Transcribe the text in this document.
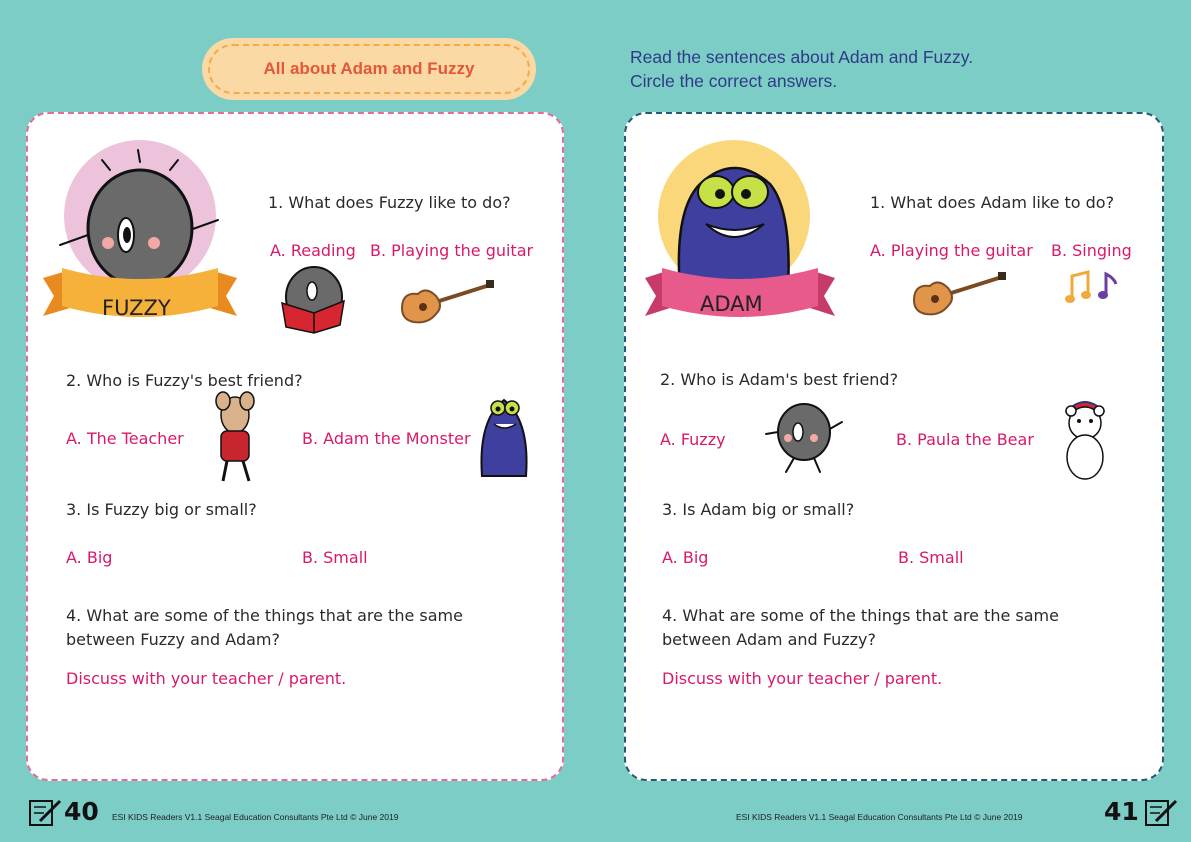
All about Adam and Fuzzy
FUZZY
1. What does Fuzzy like to do?
A. Reading B. Playing the guitar
2. Who is Fuzzy's best friend?
A. The Teacher	B. Adam the Monster
3. Is Fuzzy big or small?
A. Big	B. Small
4. What are some of the things that are the same between Fuzzy and Adam?
Discuss with your teacher / parent.
40 ESI KIDS Readers V1.1 Seagal Education Consultants Pte Ltd © June 2019
Read the sentences about Adam and Fuzzy.
Circle the correct answers.
ADAM
1. What does Adam like to do?
A. Playing the guitar B. Singing
2. Who is Adam's best friend?
A. Fuzzy	B. Paula the Bear
3. Is Adam big or small?
A. Big	B. Small
4. What are some of the things that are the same between Adam and Fuzzy?
Discuss with your teacher / parent.
ESI KIDS Readers V1.1 Seagal Education Consultants Pte Ltd © June 2019	41
